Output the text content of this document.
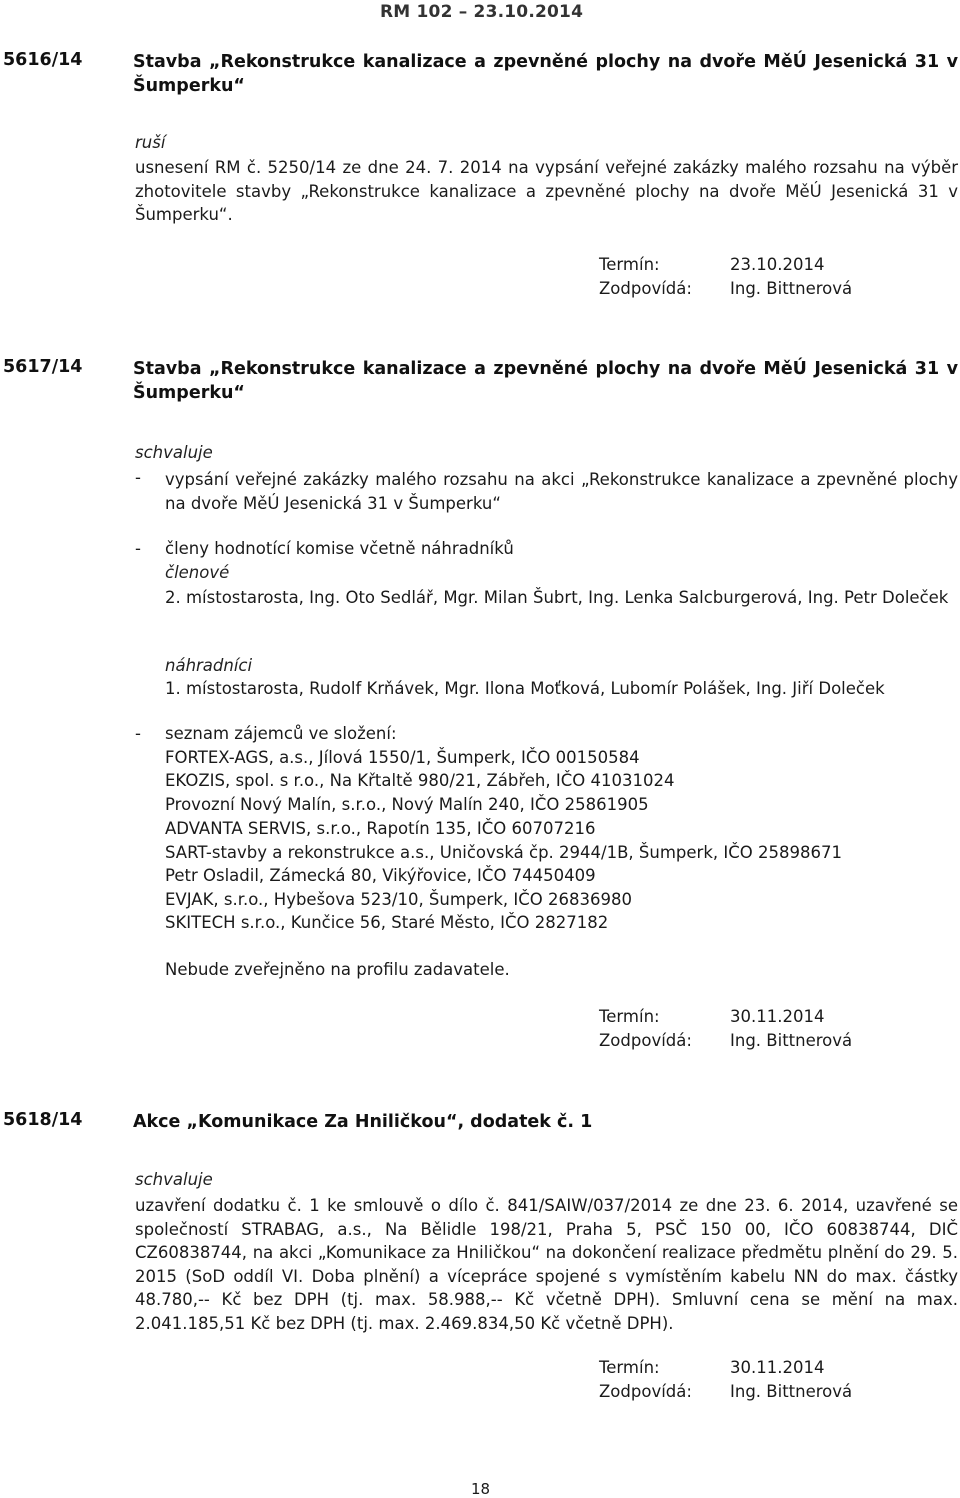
RM 102 – 23.10.2014
5616/14	Stavba „Rekonstrukce kanalizace a zpevněné plochy na dvoře MěÚ Jesenická 31 v Šumperku“
ruší
usnesení RM č. 5250/14 ze dne 24. 7. 2014 na vypsání veřejné zakázky malého rozsahu na výběr zhotovitele stavby „Rekonstrukce kanalizace a zpevněné plochy na dvoře MěÚ Jesenická 31 v Šumperku“.
Termín:	23.10.2014
Zodpovídá: Ing. Bittnerová
5617/14	Stavba „Rekonstrukce kanalizace a zpevněné plochy na dvoře MěÚ Jesenická 31 v Šumperku“
schvaluje
- vypsání veřejné zakázky malého rozsahu na akci „Rekonstrukce kanalizace a zpevněné plochy na dvoře MěÚ Jesenická 31 v Šumperku“
- členy hodnotící komise včetně náhradníků
členové
2. místostarosta, Ing. Oto Sedlář, Mgr. Milan Šubrt, Ing. Lenka Salcburgerová, Ing. Petr Doleček
náhradníci
1. místostarosta, Rudolf Krňávek, Mgr. Ilona Moťková, Lubomír Polášek, Ing. Jiří Doleček
- seznam zájemců ve složení:
FORTEX-AGS, a.s., Jílová 1550/1, Šumperk, IČO 00150584
EKOZIS, spol. s r.o., Na Křtaltě 980/21, Zábřeh, IČO 41031024
Provozní Nový Malín, s.r.o., Nový Malín 240, IČO 25861905
ADVANTA SERVIS, s.r.o., Rapotín 135, IČO 60707216
SART-stavby a rekonstrukce a.s., Uničovská čp. 2944/1B, Šumperk, IČO 25898671
Petr Osladil, Zámecká 80, Vikýřovice, IČO 74450409
EVJAK, s.r.o., Hybešova 523/10, Šumperk, IČO 26836980
SKITECH s.r.o., Kunčice 56, Staré Město, IČO 2827182
Nebude zveřejněno na profilu zadavatele.
Termín:	30.11.2014
Zodpovídá: Ing. Bittnerová
5618/14	Akce „Komunikace Za Hniličkou“, dodatek č. 1
schvaluje
uzavření dodatku č. 1 ke smlouvě o dílo č. 841/SAIW/037/2014 ze dne 23. 6. 2014, uzavřené se společností STRABAG, a.s., Na Bělidle 198/21, Praha 5, PSČ 150 00, IČO 60838744, DIČ CZ60838744, na akci „Komunikace za Hniličkou“ na dokončení realizace předmětu plnění do 29. 5. 2015 (SoD oddíl VI. Doba plnění) a vícepráce spojené s vymístěním kabelu NN do max. částky 48.780,-- Kč bez DPH (tj. max. 58.988,-- Kč včetně DPH). Smluvní cena se mění na max. 2.041.185,51 Kč bez DPH (tj. max. 2.469.834,50 Kč včetně DPH).
Termín:	30.11.2014
Zodpovídá: Ing. Bittnerová
18
